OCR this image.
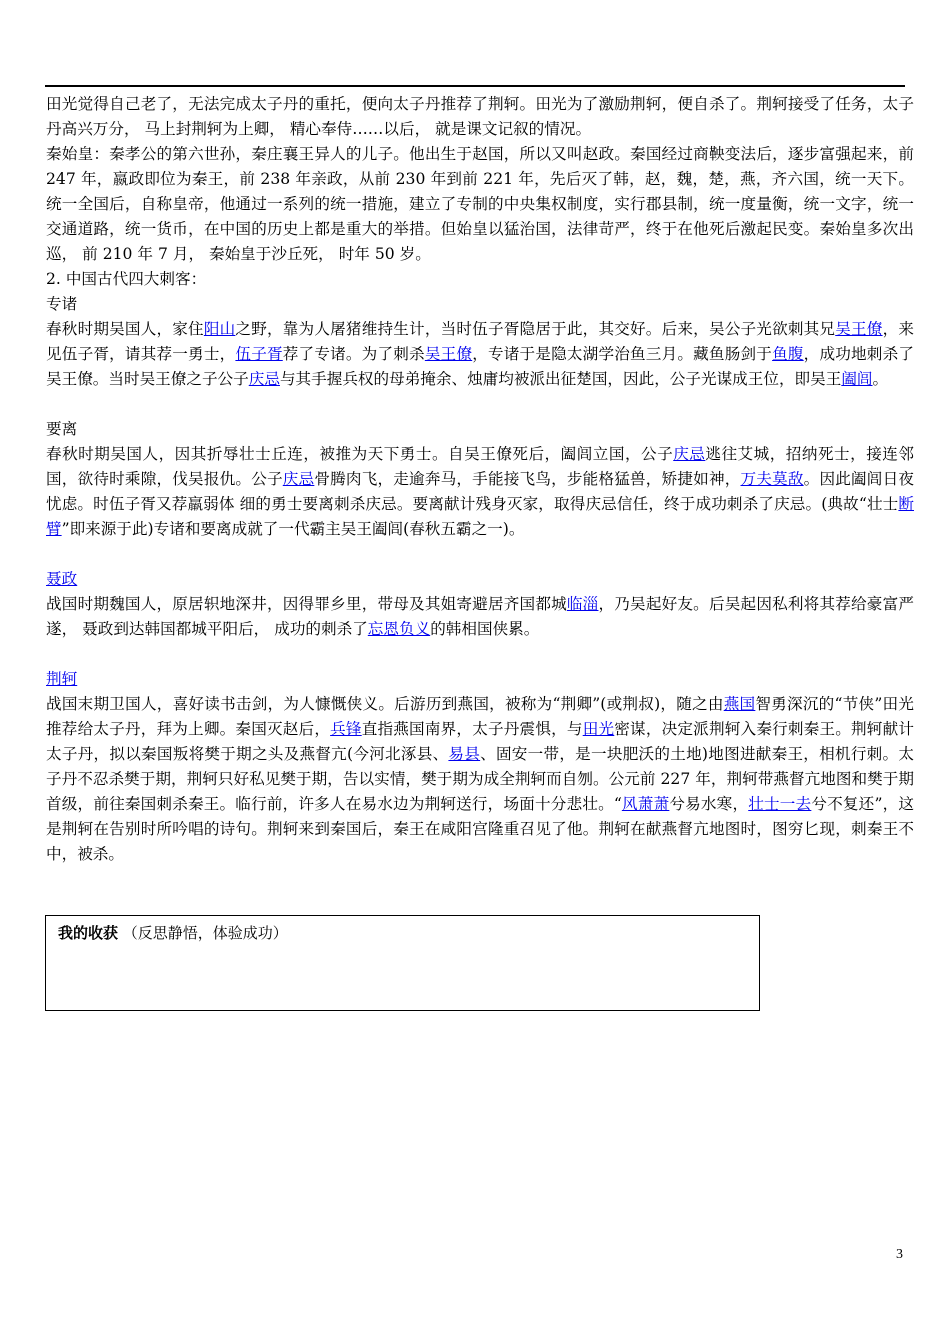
田光觉得自己老了，无法完成太子丹的重托，便向太子丹推荐了荆轲。田光为了激励荆轲，便自杀了。荆轲接受了任务，太子丹高兴万分， 马上封荆轲为上卿， 精心奉侍……以后， 就是课文记叙的情况。

秦始皇：秦孝公的第六世孙，秦庄襄王异人的儿子。他出生于赵国，所以又叫赵政。秦国经过商鞅变法后，逐步富强起来，前 247 年，嬴政即位为秦王，前 238 年亲政，从前 230 年到前 221 年，先后灭了韩，赵，魏，楚，燕，齐六国，统一天下。统一全国后，自称皇帝，他通过一系列的统一措施，建立了专制的中央集权制度，实行郡县制，统一度量衡，统一文字，统一交通道路，统一货币，在中国的历史上都是重大的举措。但始皇以猛治国，法律苛严，终于在他死后激起民变。秦始皇多次出巡， 前 210 年 7 月， 秦始皇于沙丘死， 时年 50 岁。

2. 中国古代四大刺客：

专诸

春秋时期吴国人，家住阳山之野，靠为人屠猪维持生计，当时伍子胥隐居于此，其交好。后来，吴公子光欲刺其兄吴王僚，来见伍子胥，请其荐一勇士，伍子胥荐了专诸。为了刺杀吴王僚，专诸于是隐太湖学治鱼三月。藏鱼肠剑于鱼腹，成功地刺杀了吴王僚。当时吴王僚之子公子庆忌与其手握兵权的母弟掩余、烛庸均被派出征楚国，因此，公子光谋成王位，即吴王阖闾。

要离

春秋时期吴国人，因其折辱壮士丘连，被推为天下勇士。自吴王僚死后，阖闾立国，公子庆忌逃往艾城，招纳死士，接连邻国，欲待时乘隙，伐吴报仇。公子庆忌骨腾肉飞，走逾奔马，手能接飞鸟，步能格猛兽，矫捷如神，万夫莫敌。因此阖闾日夜忧虑。时伍子胥又荐羸弱体 细的勇士要离刺杀庆忌。要离献计残身灭家，取得庆忌信任，终于成功刺杀了庆忌。(典故“壮士断臂”即来源于此)专诸和要离成就了一代霸主吴王阖闾(春秋五霸之一)。

聂政

战国时期魏国人，原居轵地深井，因得罪乡里，带母及其姐寄避居齐国都城临淄，乃吴起好友。后吴起因私利将其荐给豪富严遂， 聂政到达韩国都城平阳后， 成功的刺杀了忘恩负义的韩相国侠累。

荆轲

战国末期卫国人，喜好读书击剑，为人慷慨侠义。后游历到燕国，被称为“荆卿”(或荆叔)，随之由燕国智勇深沉的“节侠”田光推荐给太子丹，拜为上卿。秦国灭赵后，兵锋直指燕国南界，太子丹震惧，与田光密谋，决定派荆轲入秦行刺秦王。荆轲献计太子丹，拟以秦国叛将樊于期之头及燕督亢(今河北涿县、易县、固安一带，是一块肥沃的土地)地图进献秦王，相机行刺。太子丹不忍杀樊于期，荆轲只好私见樊于期，告以实情，樊于期为成全荆轲而自刎。公元前 227 年，荆轲带燕督亢地图和樊于期首级，前往秦国刺杀秦王。临行前，许多人在易水边为荆轲送行，场面十分悲壮。“风萧萧兮易水寒，壮士一去兮不复还”，这是荆轲在告别时所吟唱的诗句。荆轲来到秦国后，秦王在咸阳宫隆重召见了他。荆轲在献燕督亢地图时，图穷匕现，刺秦王不中，被杀。

我的收获 （反思静悟，体验成功）
3
